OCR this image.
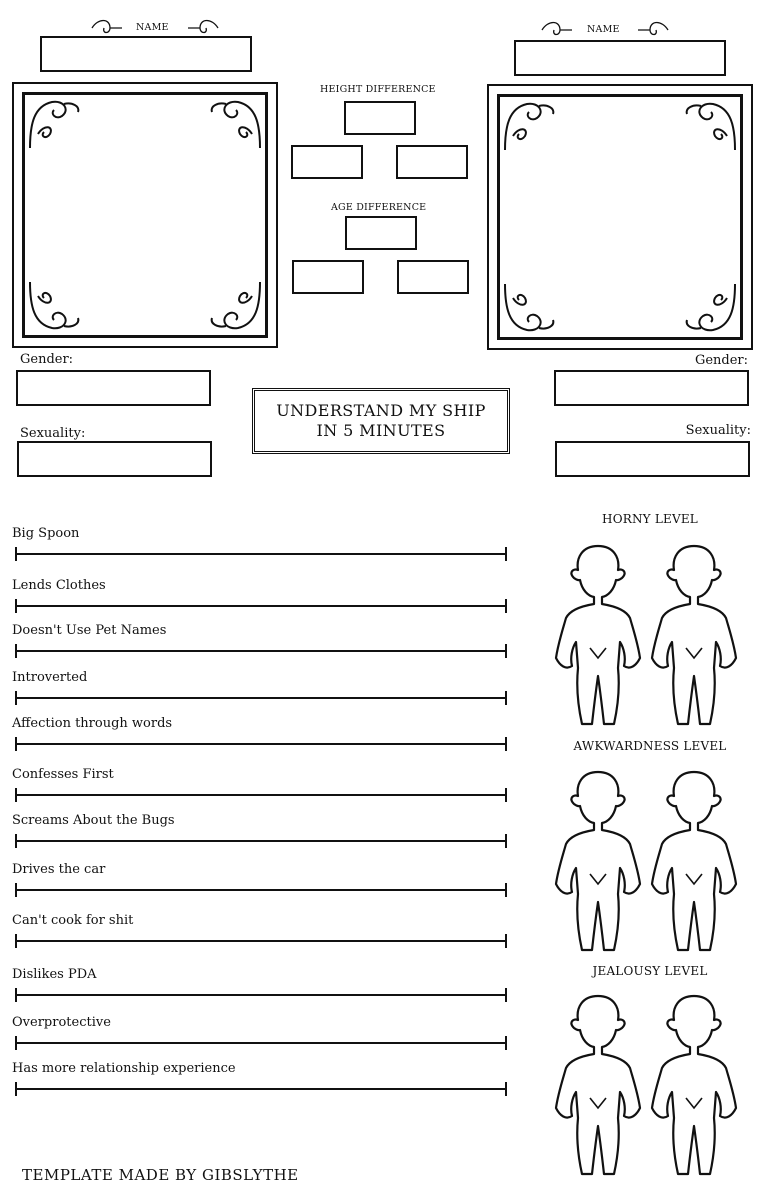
NAME	NAME
HEIGHT DIFFERENCE
AGE DIFFERENCE
Gender:
Sexuality:
Gender:
Sexuality:
UNDERSTAND MY SHIP
IN 5 MINUTES
Big Spoon
Lends Clothes
Doesn't Use Pet Names
Introverted
Affection through words
Confesses First
Screams About the Bugs
Drives the car
Can't cook for shit
Dislikes PDA
Overprotective
Has more relationship experience
HORNY LEVEL
AWKWARDNESS LEVEL
JEALOUSY LEVEL
TEMPLATE MADE BY GIBSLYTHE
